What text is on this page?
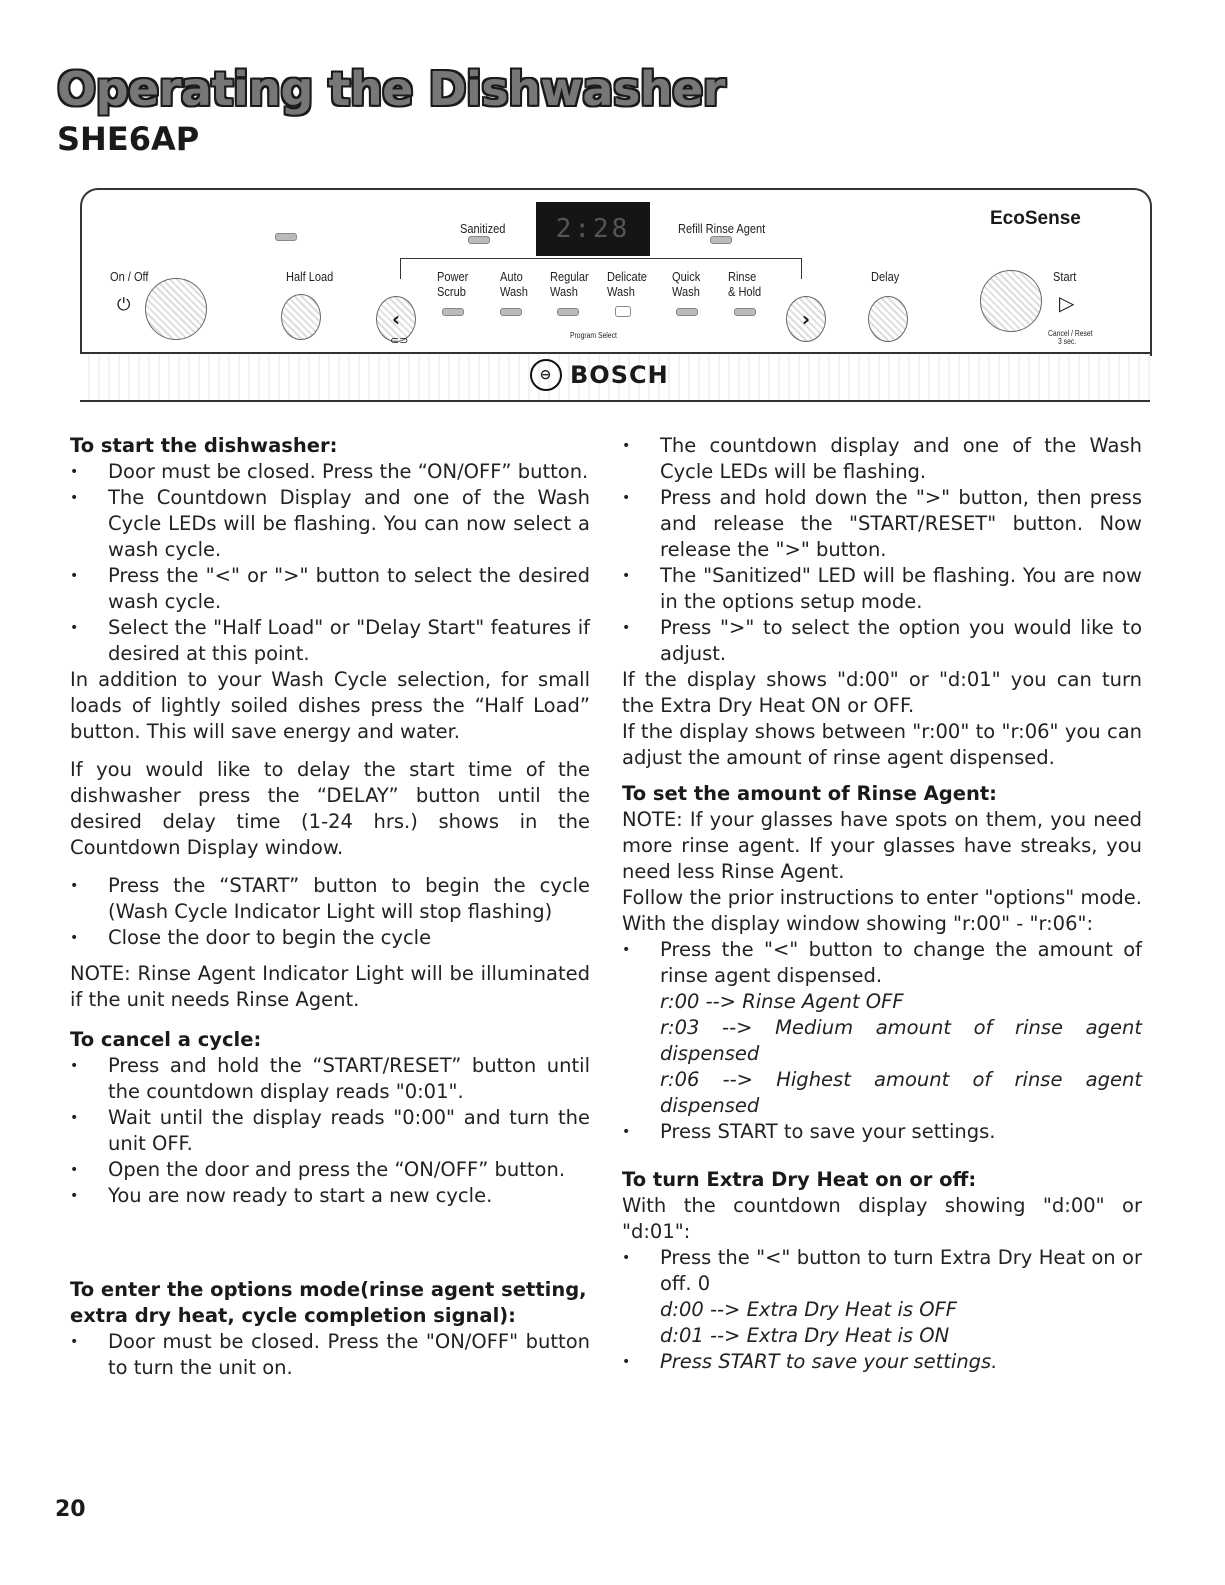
Operating the Dishwasher
SHE6AP
On / Off
⏻
Half Load
Sanitized	2:28	Refill Rinse Agent
‹
⊂⊃
Power
Scrub
Auto
Wash
Regular
Wash
Delicate
Wash
Quick
Wash
Rinse
& Hold
Program Select
›
Delay
EcoSense
Start
▷
Cancel / Reset
3 sec.
⊖ BOSCH
To start the dishwasher:
• Door must be closed. Press the “ON/OFF” button.
• The Countdown Display and one of the Wash Cycle LEDs will be flashing. You can now select a wash cycle.
• Press the "<" or ">" button to select the desired wash cycle.
• Select the "Half Load" or "Delay Start" features if desired at this point.

In addition to your Wash Cycle selection, for small loads of lightly soiled dishes press the “Half Load” button. This will save energy and water.

If you would like to delay the start time of the dishwasher press the “DELAY” button until the desired delay time (1-24 hrs.) shows in the Countdown Display window.

• Press the “START” button to begin the cycle (Wash Cycle Indicator Light will stop flashing)
• Close the door to begin the cycle

NOTE: Rinse Agent Indicator Light will be illuminated if the unit needs Rinse Agent.

To cancel a cycle:
• Press and hold the “START/RESET” button until the countdown display reads "0:01".
• Wait until the display reads "0:00" and turn the unit OFF.
• Open the door and press the “ON/OFF” button.
• You are now ready to start a new cycle.
To enter the options mode(rinse agent setting, extra dry heat, cycle completion signal):
• Door must be closed. Press the "ON/OFF" button to turn the unit on.
• The countdown display and one of the Wash Cycle LEDs will be flashing.
• Press and hold down the ">" button, then press and release the "START/RESET" button. Now release the ">" button.
• The "Sanitized" LED will be flashing. You are now in the options setup mode.
• Press ">" to select the option you would like to adjust.

If the display shows "d:00" or "d:01" you can turn the Extra Dry Heat ON or OFF.

If the display shows between "r:00" to "r:06" you can adjust the amount of rinse agent dispensed.

To set the amount of Rinse Agent:

NOTE: If your glasses have spots on them, you need more rinse agent. If your glasses have streaks, you need less Rinse Agent.

Follow the prior instructions to enter "options" mode. With the display window showing "r:00" - "r:06":

• Press the "<" button to change the amount of rinse agent dispensed.
r:00 --> Rinse Agent OFF
r:03 --> Medium amount of rinse agent dispensed
r:06 --> Highest amount of rinse agent dispensed
• Press START to save your settings.
To turn Extra Dry Heat on or off:

With the countdown display showing "d:00" or "d:01":

• Press the "<" button to turn Extra Dry Heat on or off. 0
d:00 --> Extra Dry Heat is OFF
d:01 --> Extra Dry Heat is ON
• Press START to save your settings.
20
